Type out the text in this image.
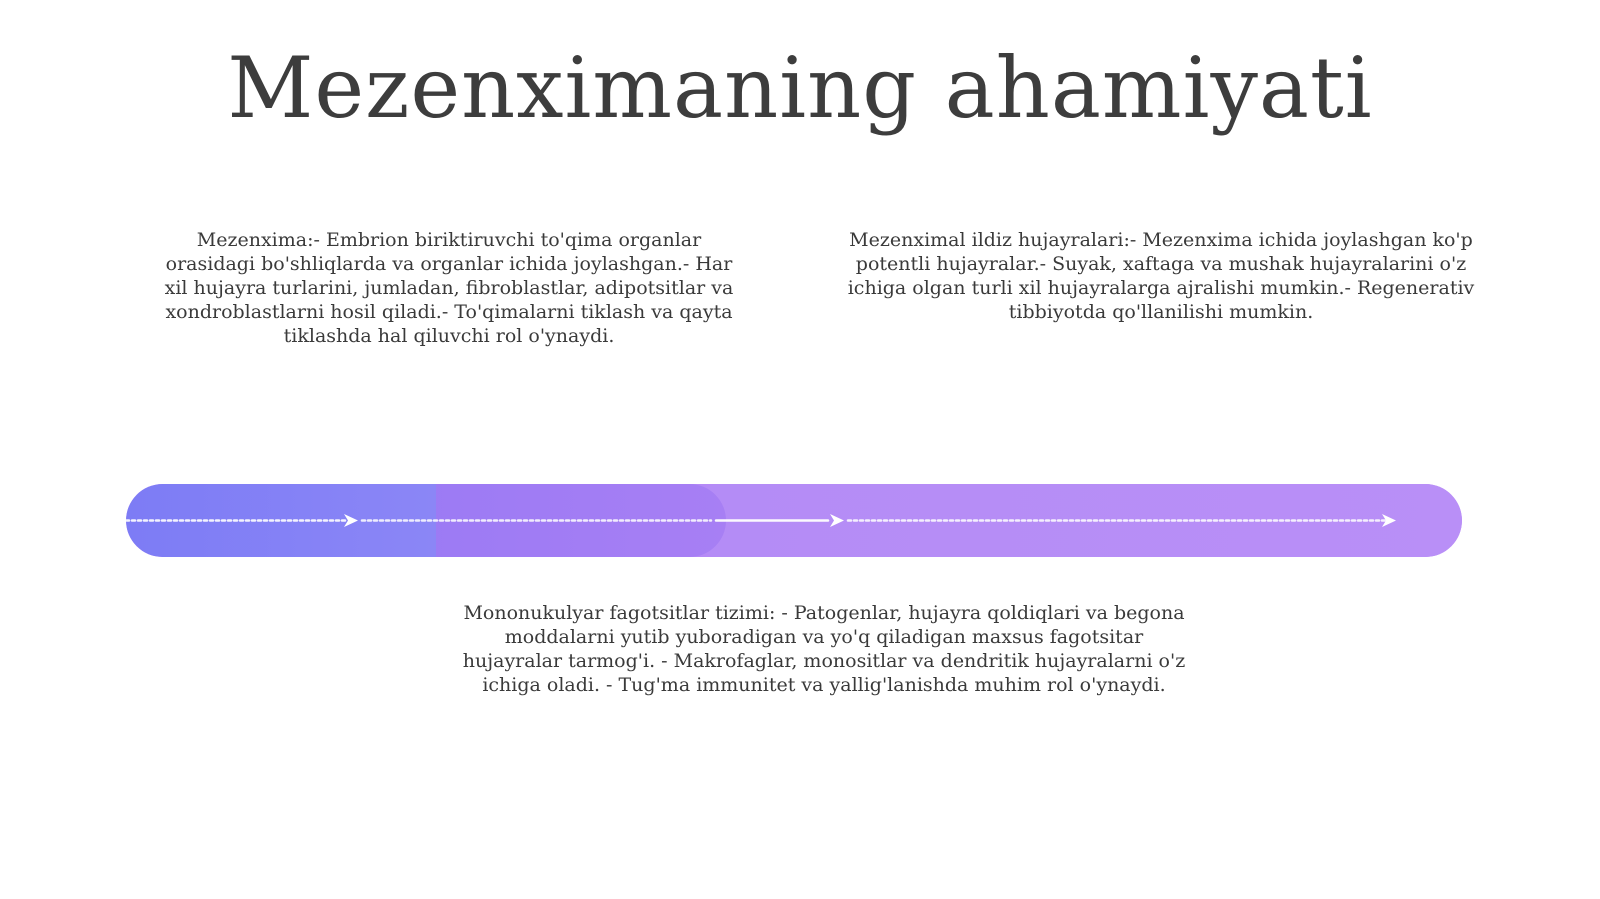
Mezenximaning ahamiyati

Mezenxima:- Embrion biriktiruvchi to'qima organlar orasidagi bo'shliqlarda va organlar ichida joylashgan.- Har xil hujayra turlarini, jumladan, fibroblastlar, adipotsitlar va xondroblastlarni hosil qiladi.- To'qimalarni tiklash va qayta tiklashda hal qiluvchi rol o'ynaydi.

Mezenximal ildiz hujayralari:- Mezenxima ichida joylashgan ko'p potentli hujayralar.- Suyak, xaftaga va mushak hujayralarini o'z ichiga olgan turli xil hujayralarga ajralishi mumkin.- Regenerativ tibbiyotda qo'llanilishi mumkin.

Mononukulyar fagotsitlar tizimi: - Patogenlar, hujayra qoldiqlari va begona moddalarni yutib yuboradigan va yo'q qiladigan maxsus fagotsitar hujayralar tarmog'i. - Makrofaglar, monositlar va dendritik hujayralarni o'z ichiga oladi. - Tug'ma immunitet va yallig'lanishda muhim rol o'ynaydi.
